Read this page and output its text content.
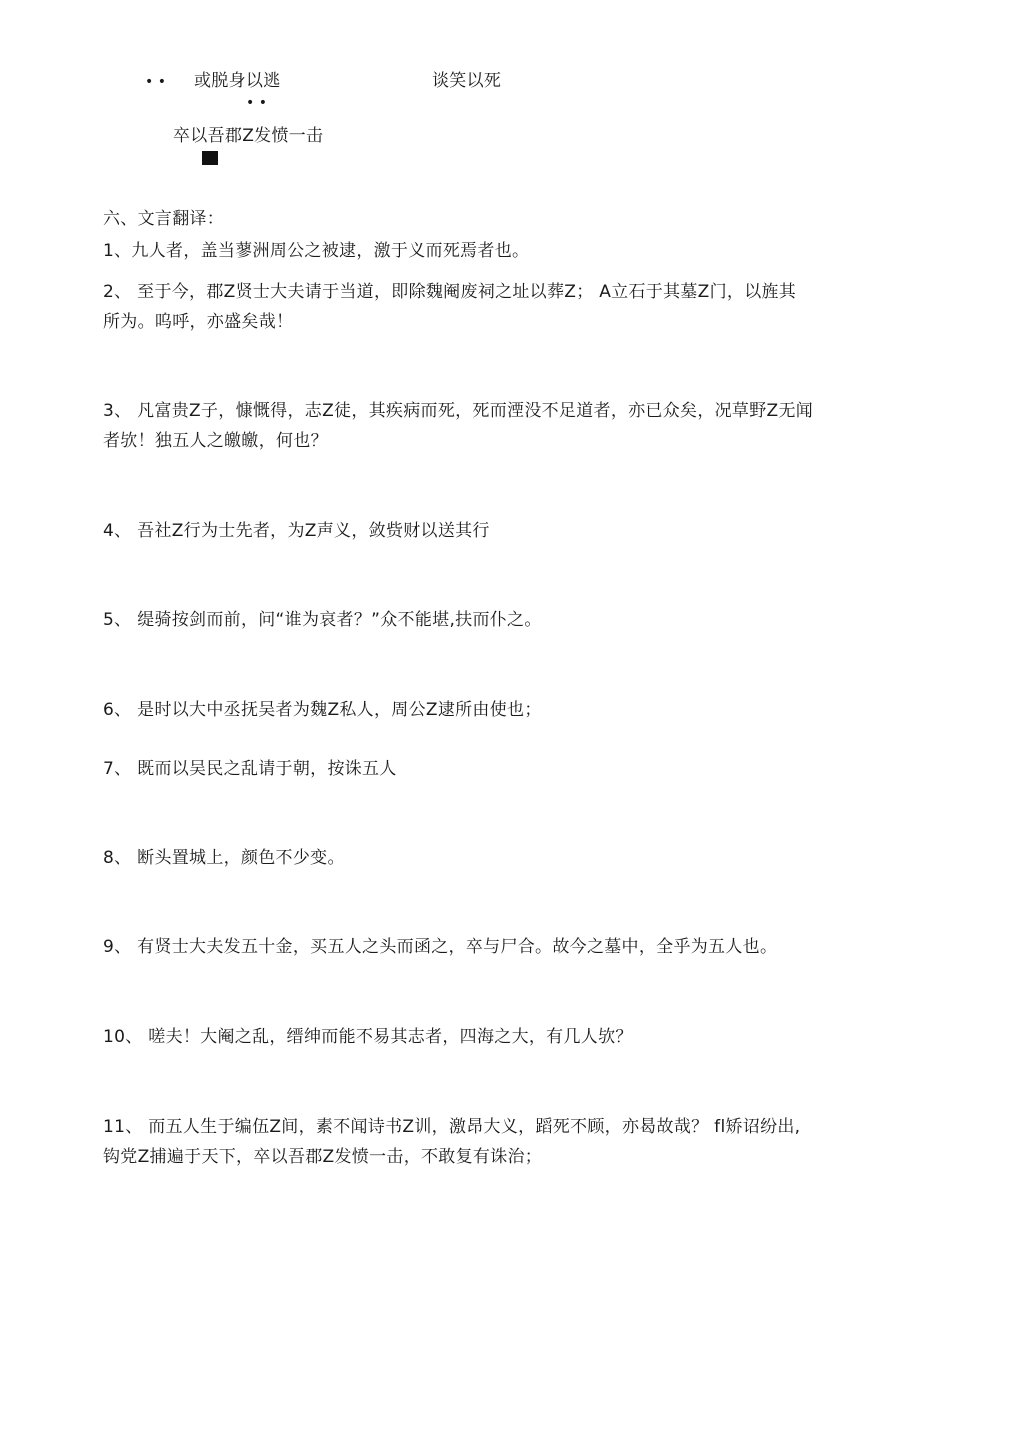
• • 或脱身以逃	谈笑以死
• •
卒以吾郡Z发愤一击
六、文言翻译：
1、九人者，盖当蓼洲周公之被逮，激于义而死焉者也。
2、 至于今，郡Z贤士大夫请于当道，即除魏阉废祠之址以葬Z； A立石于其墓Z门，以旌其
所为。呜呼，亦盛矣哉！
3、 凡富贵Z子，慷慨得，志Z徒，其疾病而死，死而湮没不足道者，亦已众矣，况草野Z无闻
者欤！独五人之皦皦，何也？
4、 吾社Z行为士先者，为Z声义，敛赀财以送其行
5、 缇骑按剑而前，问“谁为哀者？”众不能堪,扶而仆之。
6、 是时以大中丞抚吴者为魏Z私人，周公Z逮所由使也；
7、 既而以吴民之乱请于朝，按诛五人
8、 断头置城上，颜色不少变。
9、 有贤士大夫发五十金，买五人之头而函之，卒与尸合。故今之墓中，全乎为五人也。
10、 嗟夫！大阉之乱，缙绅而能不易其志者，四海之大，有几人欤？
11、 而五人生于编伍Z间，素不闻诗书Z训，激昂大义，蹈死不顾，亦曷故哉？ fl矫诏纷出,
钩党Z捕遍于天下，卒以吾郡Z发愤一击，不敢复有诛治；
